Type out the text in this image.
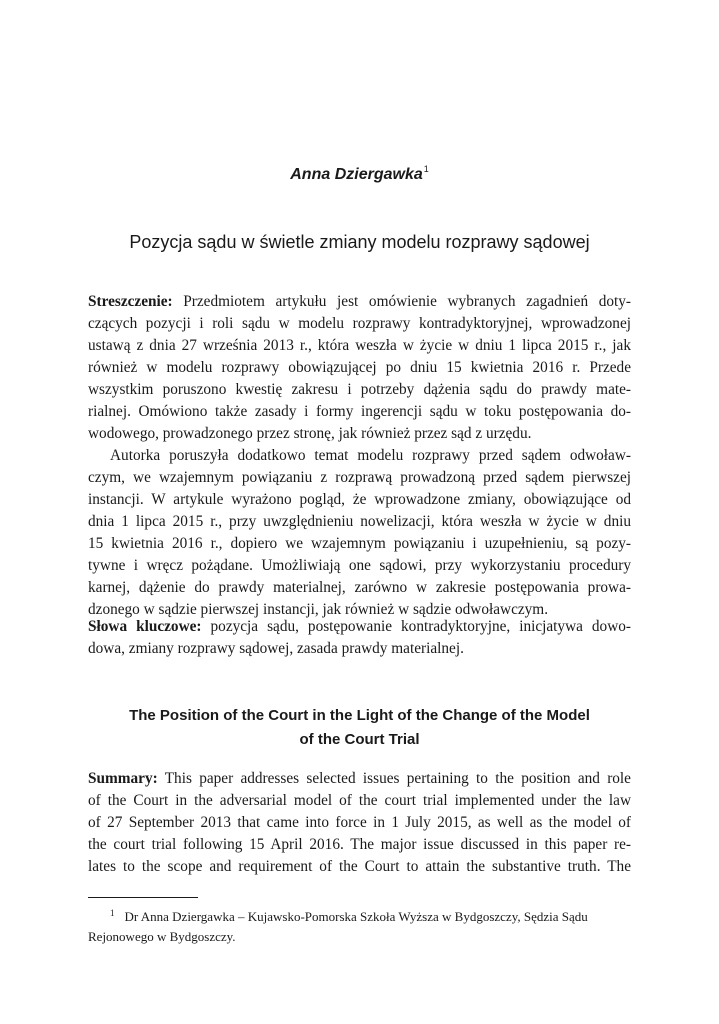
Anna Dziergawka$^1$
Pozycja sądu w świetle zmiany modelu rozprawy sądowej
Streszczenie: Przedmiotem artykułu jest omówienie wybranych zagadnień doty-
czących pozycji i roli sądu w modelu rozprawy kontradyktoryjnej, wprowadzonej
ustawą z dnia 27 września 2013 r., która weszła w życie w dniu 1 lipca 2015 r., jak
również w modelu rozprawy obowiązującej po dniu 15 kwietnia 2016 r. Przede
wszystkim poruszono kwestię zakresu i potrzeby dążenia sądu do prawdy mate-
rialnej. Omówiono także zasady i formy ingerencji sądu w toku postępowania do-
wodowego, prowadzonego przez stronę, jak również przez sąd z urzędu.
Autorka poruszyła dodatkowo temat modelu rozprawy przed sądem odwoław-
czym, we wzajemnym powiązaniu z rozprawą prowadzoną przed sądem pierwszej
instancji. W artykule wyrażono pogląd, że wprowadzone zmiany, obowiązujące od
dnia 1 lipca 2015 r., przy uwzględnieniu nowelizacji, która weszła w życie w dniu
15 kwietnia 2016 r., dopiero we wzajemnym powiązaniu i uzupełnieniu, są pozy-
tywne i wręcz pożądane. Umożliwiają one sądowi, przy wykorzystaniu procedury
karnej, dążenie do prawdy materialnej, zarówno w zakresie postępowania prowa-
dzonego w sądzie pierwszej instancji, jak również w sądzie odwoławczym.
Słowa kluczowe: pozycja sądu, postępowanie kontradyktoryjne, inicjatywa dowo-
dowa, zmiany rozprawy sądowej, zasada prawdy materialnej.
The Position of the Court in the Light of the Change of the Model
of the Court Trial
Summary: This paper addresses selected issues pertaining to the position and role
of the Court in the adversarial model of the court trial implemented under the law
of 27 September 2013 that came into force in 1 July 2015, as well as the model of
the court trial following 15 April 2016. The major issue discussed in this paper re-
lates to the scope and requirement of the Court to attain the substantive truth. The
$^1$ Dr Anna Dziergawka – Kujawsko-Pomorska Szkoła Wyższa w Bydgoszczy, Sędzia Sądu
Rejonowego w Bydgoszczy.
